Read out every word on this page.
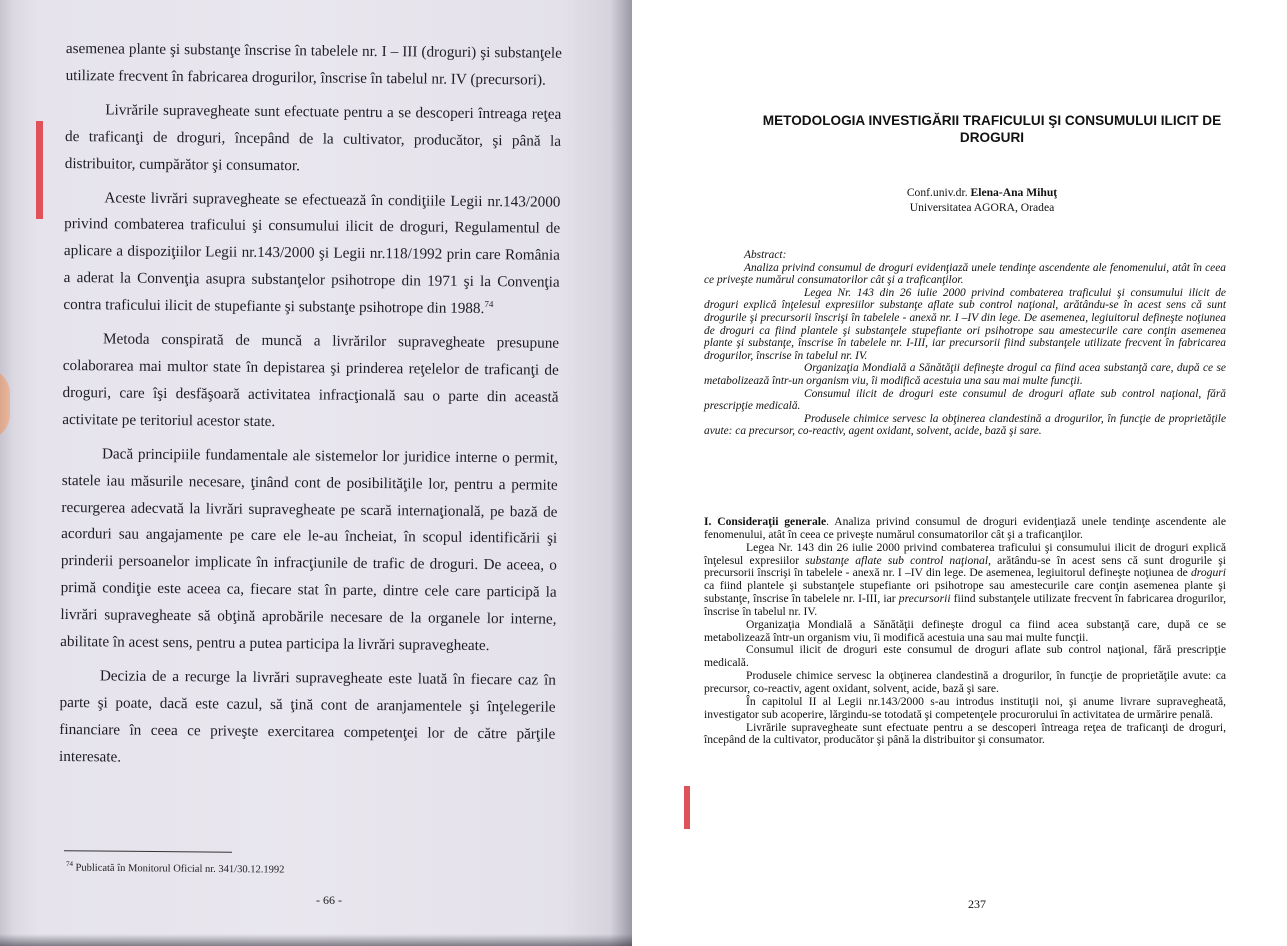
asemenea plante şi substanţe înscrise în tabelele nr. I – III (droguri) şi substanţele utilizate frecvent în fabricarea drogurilor, înscrise în tabelul nr. IV (precursori).

Livrările supravegheate sunt efectuate pentru a se descoperi întreaga reţea de traficanţi de droguri, începând de la cultivator, producător, şi până la distribuitor, cumpărător şi consumator.

Aceste livrări supravegheate se efectuează în condiţiile Legii nr.143/2000 privind combaterea traficului şi consumului ilicit de droguri, Regulamentul de aplicare a dispoziţiilor Legii nr.143/2000 şi Legii nr.118/1992 prin care România a aderat la Convenţia asupra substanţelor psihotrope din 1971 şi la Convenţia contra traficului ilicit de stupefiante şi substanţe psihotrope din 1988.74

Metoda conspirată de muncă a livrărilor supravegheate presupune colaborarea mai multor state în depistarea şi prinderea reţelelor de traficanţi de droguri, care îşi desfăşoară activitatea infracţională sau o parte din această activitate pe teritoriul acestor state.

Dacă principiile fundamentale ale sistemelor lor juridice interne o permit, statele iau măsurile necesare, ţinând cont de posibilităţile lor, pentru a permite recurgerea adecvată la livrări supravegheate pe scară internaţională, pe bază de acorduri sau angajamente pe care ele le-au încheiat, în scopul identificării şi prinderii persoanelor implicate în infracţiunile de trafic de droguri. De aceea, o primă condiţie este aceea ca, fiecare stat în parte, dintre cele care participă la livrări supravegheate să obţină aprobările necesare de la organele lor interne, abilitate în acest sens, pentru a putea participa la livrări supravegheate.

Decizia de a recurge la livrări supravegheate este luată în fiecare caz în parte şi poate, dacă este cazul, să ţină cont de aranjamentele şi înţelegerile financiare în ceea ce priveşte exercitarea competenţei lor de către părţile interesate.

$^{74}$ Publicată în Monitorul Oficial nr. 341/30.12.1992
- 66 -
METODOLOGIA INVESTIGĂRII TRAFICULUI ŞI CONSUMULUI ILICIT DE DROGURI
Conf.univ.dr. Elena-Ana Mihuţ
Universitatea AGORA, Oradea

Abstract:

Analiza privind consumul de droguri evidenţiază unele tendinţe ascendente ale fenomenului, atât în ceea ce priveşte numărul consumatorilor cât şi a traficanţilor.

Legea Nr. 143 din 26 iulie 2000 privind combaterea traficului şi consumului ilicit de droguri explică înţelesul expresiilor substanţe aflate sub control naţional, arătându-se în acest sens că sunt drogurile şi precursorii înscrişi în tabelele - anexă nr. I –IV din lege. De asemenea, legiuitorul defineşte noţiunea de droguri ca fiind plantele şi substanţele stupefiante ori psihotrope sau amestecurile care conţin asemenea plante şi substanţe, înscrise în tabelele nr. I-III, iar precursorii fiind substanţele utilizate frecvent în fabricarea drogurilor, înscrise în tabelul nr. IV.

Organizaţia Mondială a Sănătăţii defineşte drogul ca fiind acea substanţă care, după ce se metabolizează într-un organism viu, îi modifică acestuia una sau mai multe funcţii.

Consumul ilicit de droguri este consumul de droguri aflate sub control naţional, fără prescripţie medicală.

Produsele chimice servesc la obţinerea clandestină a drogurilor, în funcţie de proprietăţile avute: ca precursor, co-reactiv, agent oxidant, solvent, acide, bază şi sare.

I. Consideraţii generale. Analiza privind consumul de droguri evidenţiază unele tendinţe ascendente ale fenomenului, atât în ceea ce priveşte numărul consumatorilor cât şi a traficanţilor.

Legea Nr. 143 din 26 iulie 2000 privind combaterea traficului şi consumului ilicit de droguri explică înţelesul expresiilor substanţe aflate sub control naţional, arătându-se în acest sens că sunt drogurile şi precursorii înscrişi în tabelele - anexă nr. I –IV din lege. De asemenea, legiuitorul defineşte noţiunea de droguri ca fiind plantele şi substanţele stupefiante ori psihotrope sau amestecurile care conţin asemenea plante şi substanţe, înscrise în tabelele nr. I-III, iar precursorii fiind substanţele utilizate frecvent în fabricarea drogurilor, înscrise în tabelul nr. IV.

Organizaţia Mondială a Sănătăţii defineşte drogul ca fiind acea substanţă care, după ce se metabolizează într-un organism viu, îi modifică acestuia una sau mai multe funcţii.

Consumul ilicit de droguri este consumul de droguri aflate sub control naţional, fără prescripţie medicală.

Produsele chimice servesc la obţinerea clandestină a drogurilor, în funcţie de proprietăţile avute: ca precursor, co-reactiv, agent oxidant, solvent, acide, bază şi sare.

În capitolul II al Legii nr.143/2000 s-au introdus instituţii noi, şi anume livrare supravegheată, investigator sub acoperire, lărgindu-se totodată şi competenţele procurorului în activitatea de urmărire penală.

Livrările supravegheate sunt efectuate pentru a se descoperi întreaga reţea de traficanţi de droguri, începând de la cultivator, producător şi până la distribuitor şi consumator.

237
